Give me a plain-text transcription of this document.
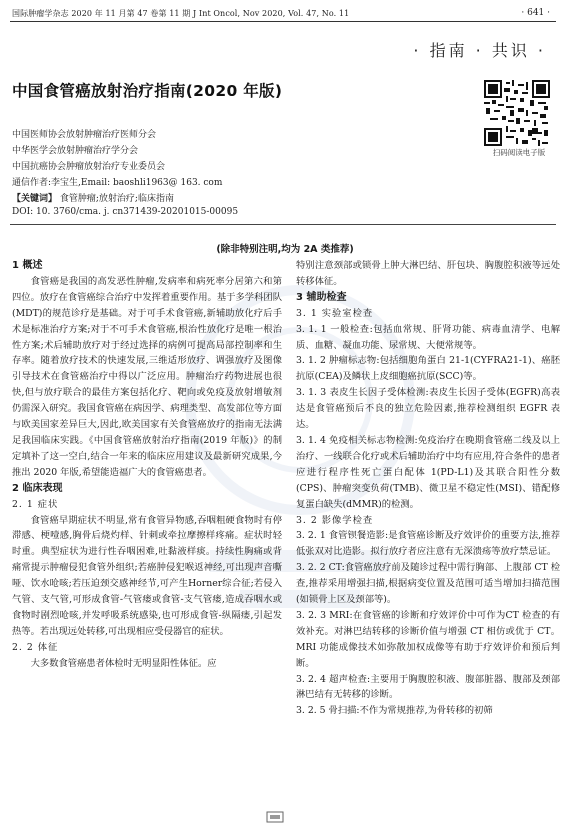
国际肿瘤学杂志 2020 年 11 月第 47 卷第 11 期 J Int Oncol, Nov 2020, Vol. 47, No. 11	· 641 ·
· 指南 · 共识 ·
中国食管癌放射治疗指南(2020 年版)
扫码阅读电子版
中国医师协会放射肿瘤治疗医师分会
中华医学会放射肿瘤治疗学分会
中国抗癌协会肿瘤放射治疗专业委员会
通信作者:李宝生,Email: baoshli1963@ 163. com
【关键词】 食管肿瘤;放射治疗;临床指南
DOI: 10. 3760/cma. j. cn371439-20201015-00095
(除非特别注明,均为 2A 类推荐)
1 概述

食管癌是我国的高发恶性肿瘤,发病率和病死率分居第六和第四位。放疗在食管癌综合治疗中发挥着重要作用。基于多学科团队(MDT)的规范诊疗是基础。对于可手术食管癌,新辅助放化疗后手术是标准治疗方案;对于不可手术食管癌,根治性放化疗是唯一根治性方案;术后辅助放疗对于经过选择的病例可提高局部控制率和生存率。随着放疗技术的快速发展,三维适形放疗、调强放疗及图像引导技术在食管癌治疗中得以广泛应用。肿瘤治疗药物进展也很快,但与放疗联合的最佳方案包括化疗、靶向或免疫及放射增敏剂仍需深入研究。我国食管癌在病因学、病理类型、高发部位等方面与欧美国家差异巨大,因此,欧美国家有关食管癌放疗的指南无法满足我国临床实践。《中国食管癌放射治疗指南(2019 年版)》的制定填补了这一空白,结合一年来的临床应用建议及最新研究成果,今推出 2020 年版,希望能造福广大的食管癌患者。

2 临床表现
2. 1 症状

食管癌早期症状不明显,常有食管异物感,吞咽粗硬食物时有停滞感、梗噎感,胸骨后烧灼样、针刺或牵拉摩擦样疼痛。症状时轻时重。典型症状为进行性吞咽困难,吐黏液样痰。持续性胸痛或背痛常提示肿瘤侵犯食管外组织;若癌肿侵犯喉返神经,可出现声音嘶哑、饮水呛咳;若压迫颈交感神经节,可产生Horner综合征;若侵入气管、支气管,可形成食管-气管瘘或食管-支气管瘘,造成吞咽水或食物时剧烈呛咳,并发呼吸系统感染,也可形成食管-纵隔瘘,引起发热等。若出现远处转移,可出现相应受侵器官的症状。

2. 2 体征

大多数食管癌患者体检时无明显阳性体征。应

特别注意颈部或锁骨上肿大淋巴结、肝包块、胸腹腔积液等远处转移体征。

3 辅助检查
3. 1 实验室检查

3. 1. 1 一般检查:包括血常规、肝肾功能、病毒血清学、电解质、血糖、凝血功能、尿常规、大便常规等。

3. 1. 2 肿瘤标志物:包括细胞角蛋白 21-1(CYFRA21-1)、癌胚抗原(CEA)及鳞状上皮细胞癌抗原(SCC)等。

3. 1. 3 表皮生长因子受体检测:表皮生长因子受体(EGFR)高表达是食管癌预后不良的独立危险因素,推荐检测组织 EGFR 表达。

3. 1. 4 免疫相关标志物检测:免疫治疗在晚期食管癌二线及以上治疗、一线联合化疗或术后辅助治疗中均有应用,符合条件的患者应进行程序性死亡蛋白配体 1(PD-L1)及其联合阳性分数(CPS)、肿瘤突变负荷(TMB)、微卫星不稳定性(MSI)、错配修复蛋白缺失(dMMR)的检测。

3. 2 影像学检查

3. 2. 1 食管钡餐造影:是食管癌诊断及疗效评价的重要方法,推荐低张双对比造影。拟行放疗者应注意有无深溃疡等放疗禁忌证。

3. 2. 2 CT:食管癌放疗前及随诊过程中需行胸部、上腹部 CT 检查,推荐采用增强扫描,根据病变位置及范围可适当增加扫描范围(如锁骨上区及颈部等)。

3. 2. 3 MRI:在食管癌的诊断和疗效评价中可作为CT 检查的有效补充。对淋巴结转移的诊断价值与增强 CT 相仿或优于 CT。MRI 功能成像技术如弥散加权成像等有助于疗效评价和预后判断。

3. 2. 4 超声检查:主要用于胸腹腔积液、腹部脏器、腹部及颈部淋巴结有无转移的诊断。

3. 2. 5 骨扫描:不作为常规推荐,为骨转移的初筛
